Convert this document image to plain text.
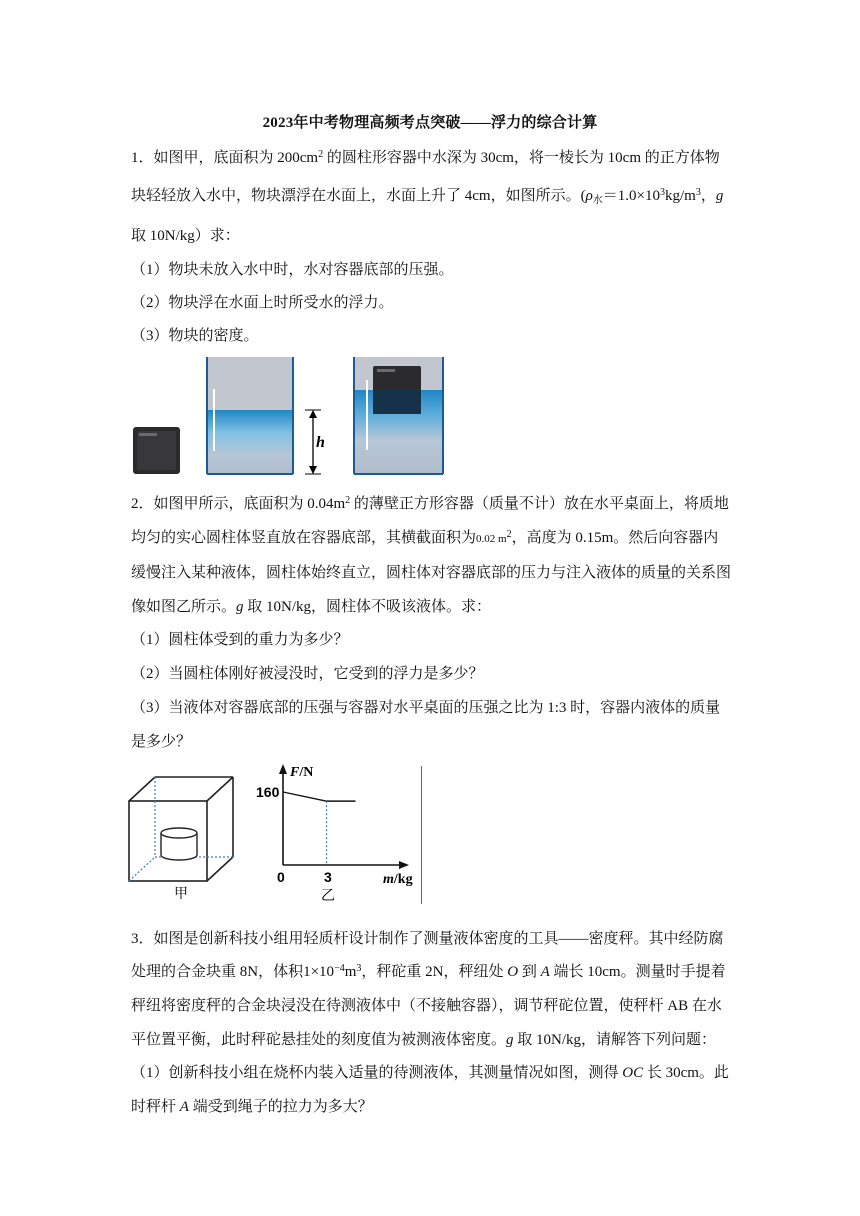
2023年中考物理高频考点突破——浮力的综合计算
1．如图甲，底面积为 $200cm^2$ 的圆柱形容器中水深为 30cm，将一棱长为 10cm 的正方体物
块轻轻放入水中，物块漂浮在水面上，水面上升了 4cm，如图所示。($\rho_水=1.0\times 10^3kg/m^3$，g
取 10N/kg）求：
（1）物块未放入水中时，水对容器底部的压强。
（2）物块浮在水面上时所受水的浮力。
（3）物块的密度。
h
2．如图甲所示，底面积为 $0.04m^2$ 的薄壁正方形容器（质量不计）放在水平桌面上，将质地
均匀的实心圆柱体竖直放在容器底部，其横截面积为0.02 $m^2$，高度为 0.15m。然后向容器内
缓慢注入某种液体，圆柱体始终直立，圆柱体对容器底部的压力与注入液体的质量的关系图
像如图乙所示。g 取 10N/kg，圆柱体不吸该液体。求：
（1）圆柱体受到的重力为多少？
（2）当圆柱体刚好被浸没时，它受到的浮力是多少？
（3）当液体对容器底部的压强与容器对水平桌面的压强之比为 1:3 时，容器内液体的质量
是多少？
甲
F/N
160
0	3	m/kg
乙
3．如图是创新科技小组用轻质杆设计制作了测量液体密度的工具——密度秤。其中经防腐
处理的合金块重 8N，体积$1\times 10^{-4}m^3$，秤砣重 2N，秤纽处 O 到 A 端长 10cm。测量时手提着
秤纽将密度秤的合金块浸没在待测液体中（不接触容器），调节秤砣位置，使秤杆 AB 在水
平位置平衡，此时秤砣悬挂处的刻度值为被测液体密度。g 取 10N/kg，请解答下列问题：
（1）创新科技小组在烧杯内装入适量的待测液体，其测量情况如图，测得 OC 长 30cm。此
时秤杆 A 端受到绳子的拉力为多大？
